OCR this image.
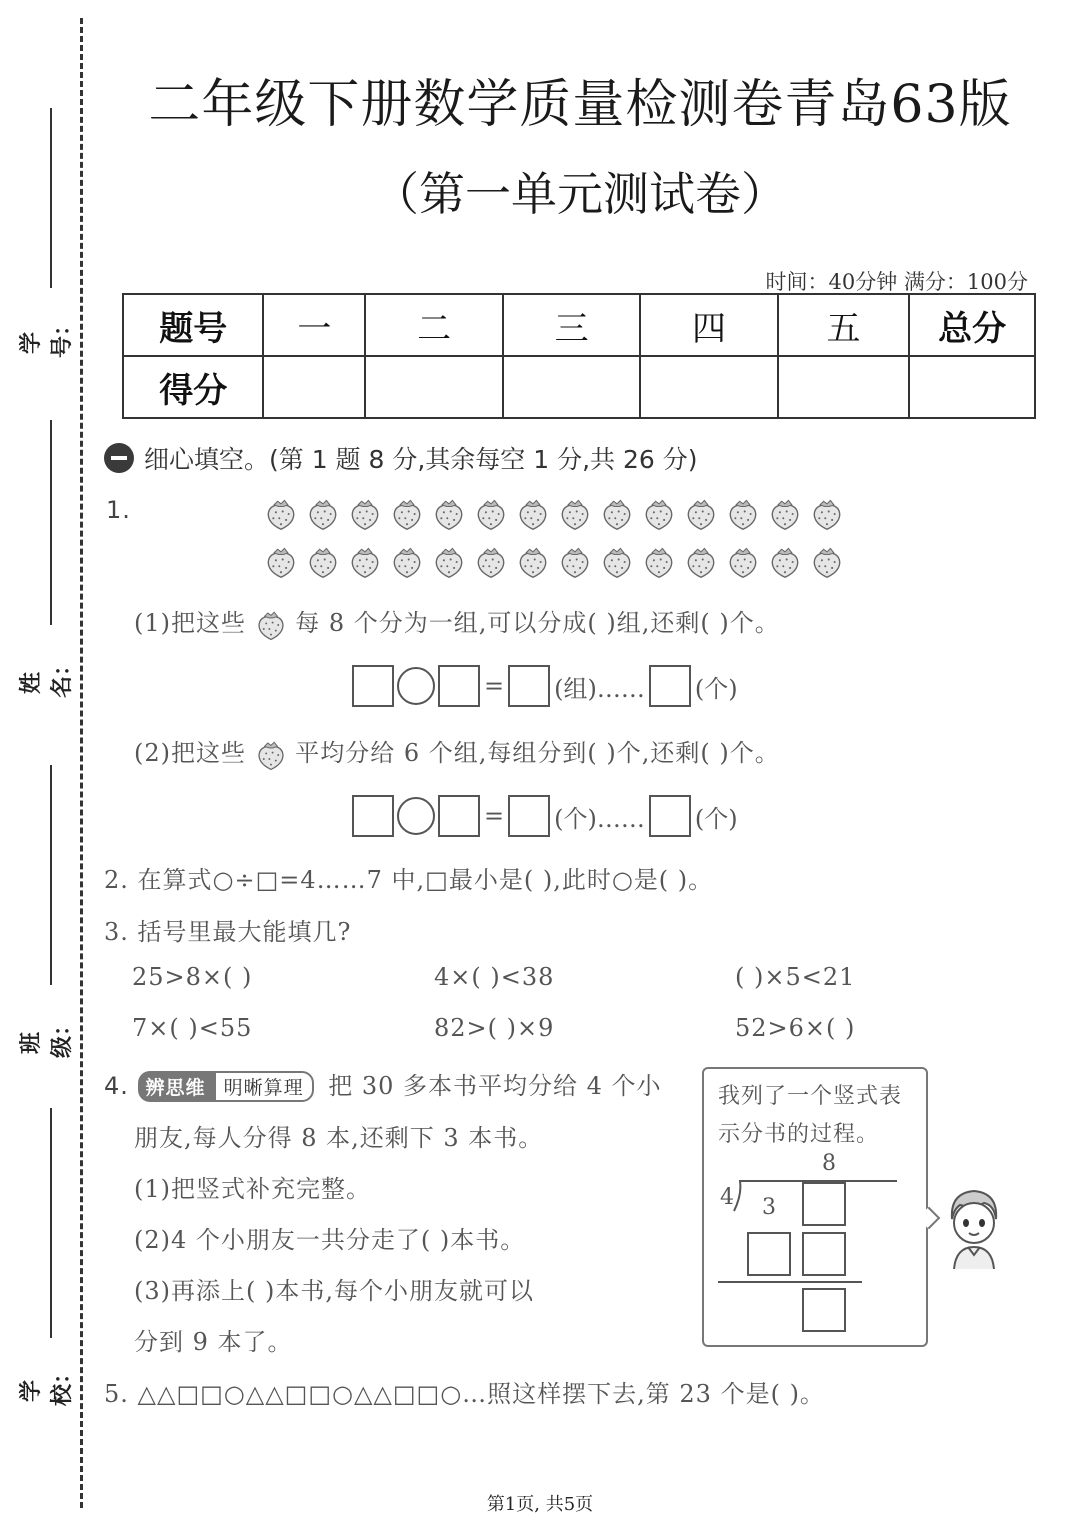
学号：
姓名：
班级：
学校：
二年级下册数学质量检测卷青岛63版
（第一单元测试卷）
时间：40分钟 满分：100分
题号	一	二	三	四	五	总分
得分						
细心填空。(第 1 题 8 分,其余每空 1 分,共 26 分)
1.
(1)把这些 每 8 个分为一组,可以分成( )组,还剩( )个。
= (组)…… (个)
(2)把这些 平均分给 6 个组,每组分到( )个,还剩( )个。
= (个)…… (个)
2. 在算式○÷□=4……7 中,□最小是( ),此时○是( )。
3. 括号里最大能填几?
25>8×( )	4×( )<38	( )×5<21
7×( )<55	82>( )×9	52>6×( )
4. 辨思维 明晰算理 把 30 多本书平均分给 4 个小
朋友,每人分得 8 本,还剩下 3 本书。
(1)把竖式补充完整。
(2)4 个小朋友一共分走了( )本书。
(3)再添上( )本书,每个小朋友就可以
分到 9 本了。
我列了一个竖式表
示分书的过程。
8
4 3
5. △△□□○△△□□○△△□□○…照这样摆下去,第 23 个是( )。
第1页, 共5页
